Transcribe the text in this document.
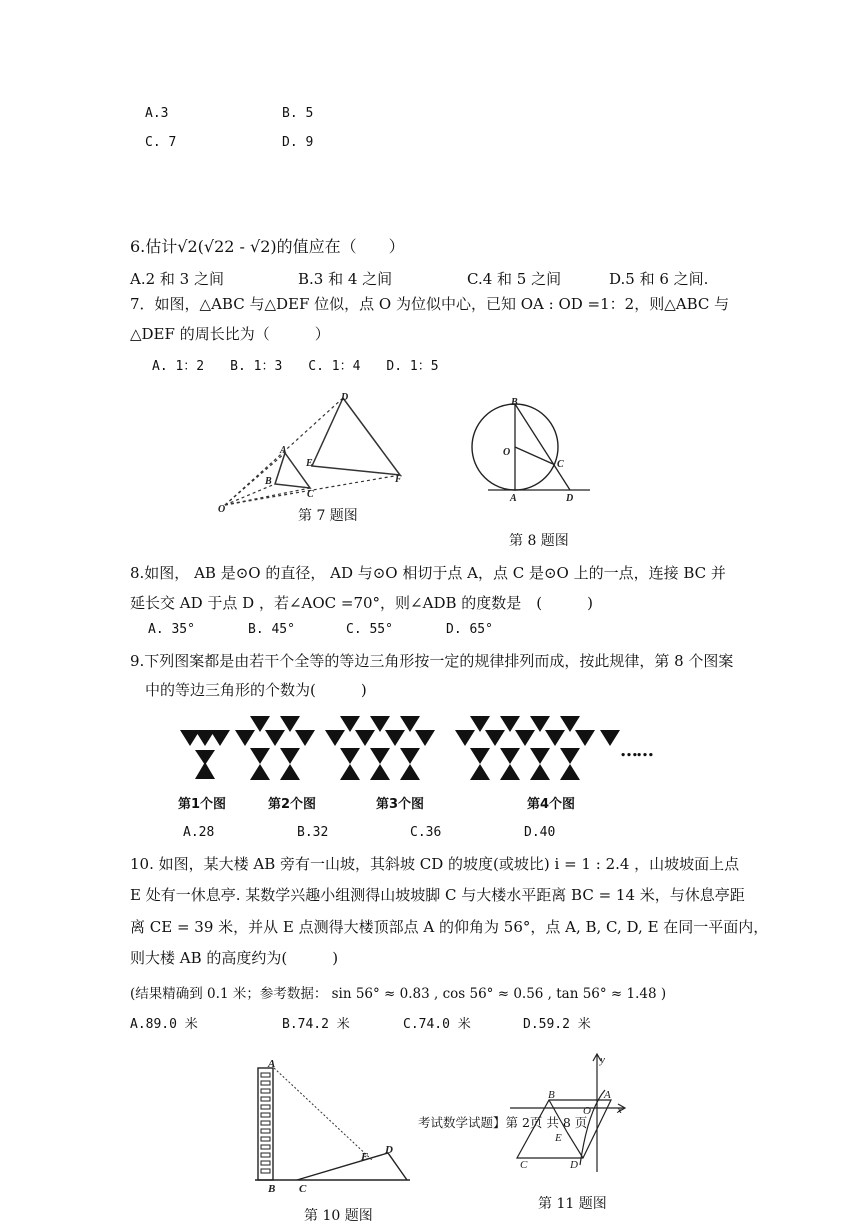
A.3	B. 5
C. 7	D. 9
6.估计√2(√22 - √2)的值应在（　　）
A.2 和 3 之间	B.3 和 4 之间	C.4 和 5 之间	D.5 和 6 之间.
7．如图，△ABC 与△DEF 位似，点 O 为位似中心，已知 OA : OD =1：2，则△ABC 与
△DEF 的周长比为（　　　）
A. 1：2　　B. 1：3　　C. 1：4　　D. 1：5
D
E
F
A
B
C
O	第 7 题图
B
O
C
A	D
第 8 题图
8.如图， AB 是⊙O 的直径， AD 与⊙O 相切于点 A，点 C 是⊙O 上的一点，连接 BC 并
延长交 AD 于点 D ，若∠AOC =70°，则∠ADB 的度数是　(　　　)
A. 35°	B. 45°	C. 55°	D. 65°
9.下列图案都是由若干个全等的等边三角形按一定的规律排列而成，按此规律，第 8 个图案
中的等边三角形的个数为(　　　)
……
第1个图	第2个图	第3个图	第4个图
A.28	B.32	C.36	D.40
10. 如图，某大楼 AB 旁有一山坡，其斜坡 CD 的坡度(或坡比) i = 1 : 2.4 ，山坡坡面上点
E 处有一休息亭. 某数学兴趣小组测得山坡坡脚 C 与大楼水平距离 BC = 14 米，与休息亭距
离 CE = 39 米，并从 E 点测得大楼顶部点 A 的仰角为 56°，点 A, B, C, D, E 在同一平面内，
则大楼 AB 的高度约为(　　　)
(结果精确到 0.1 米；参考数据： sin 56° ≈ 0.83 , cos 56° ≈ 0.56 , tan 56° ≈ 1.48 )
A.89.0 米	B.74.2 米	C.74.0 米	D.59.2 米
A
B C
D
E
第 10 题图
y
x
B	A
O
E
C	D
第 11 题图
考试数学试题】第 2页 共 8 页
